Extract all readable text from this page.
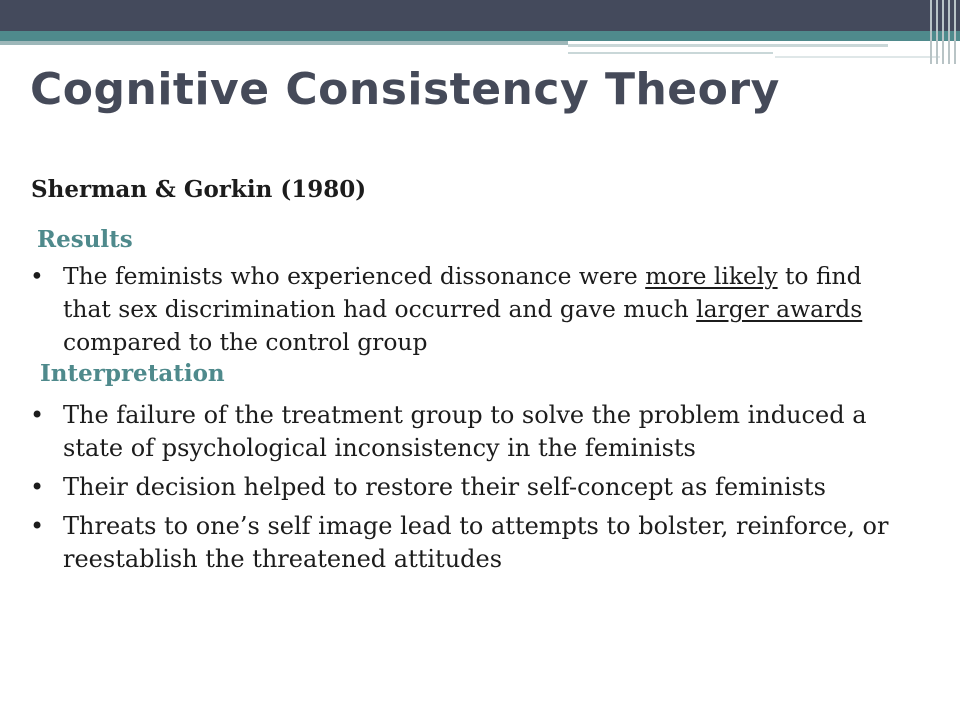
Cognitive Consistency Theory
Sherman & Gorkin (1980)
Results
• The feminists who experienced dissonance were more likely to find that sex discrimination had occurred and gave much larger awards compared to the control group
Interpretation
• The failure of the treatment group to solve the problem induced a state of psychological inconsistency in the feminists
• Their decision helped to restore their self-concept as feminists
• Threats to one’s self image lead to attempts to bolster, reinforce, or reestablish the threatened attitudes
